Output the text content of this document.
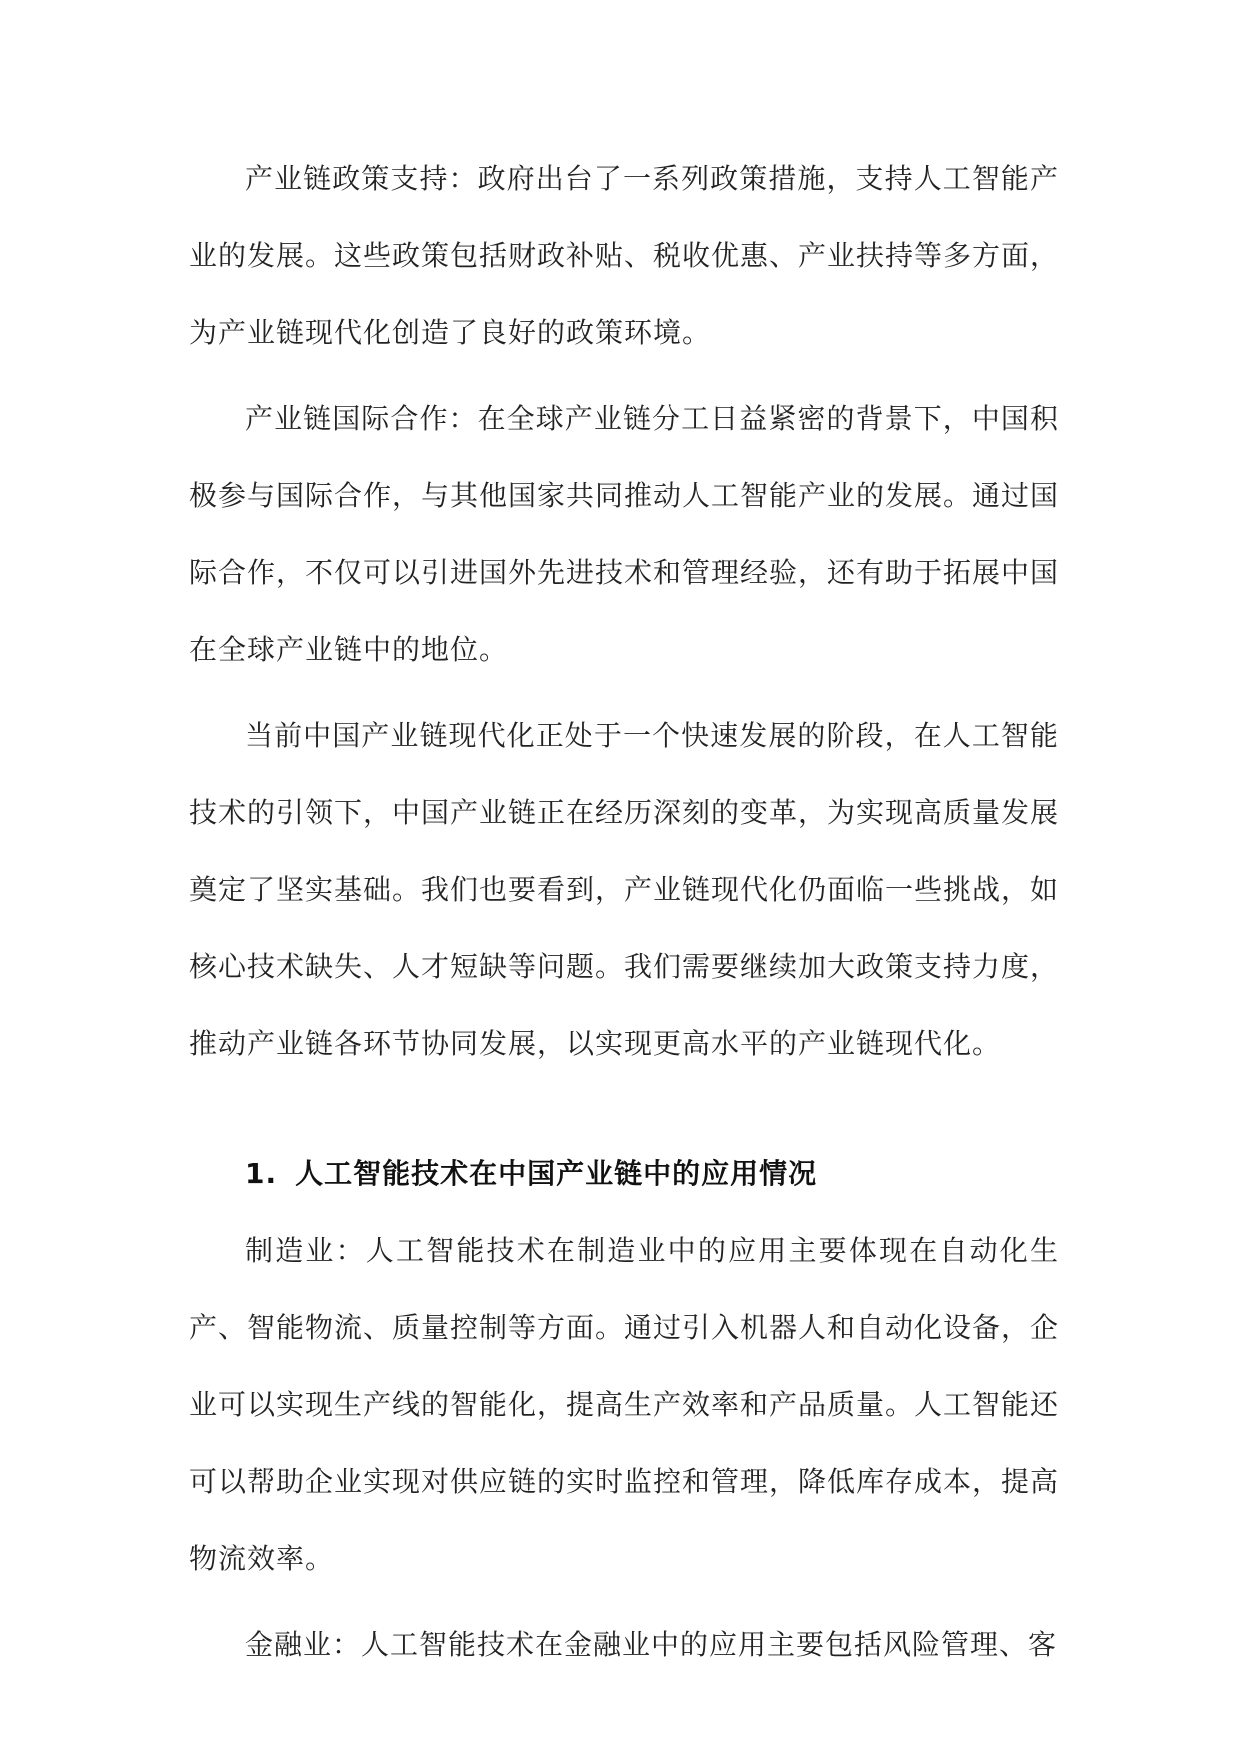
产业链政策支持：政府出台了一系列政策措施，支持人工智能产业的发展。这些政策包括财政补贴、税收优惠、产业扶持等多方面，为产业链现代化创造了良好的政策环境。

产业链国际合作：在全球产业链分工日益紧密的背景下，中国积极参与国际合作，与其他国家共同推动人工智能产业的发展。通过国际合作，不仅可以引进国外先进技术和管理经验，还有助于拓展中国在全球产业链中的地位。

当前中国产业链现代化正处于一个快速发展的阶段，在人工智能技术的引领下，中国产业链正在经历深刻的变革，为实现高质量发展奠定了坚实基础。我们也要看到，产业链现代化仍面临一些挑战，如核心技术缺失、人才短缺等问题。我们需要继续加大政策支持力度，推动产业链各环节协同发展，以实现更高水平的产业链现代化。

1. 人工智能技术在中国产业链中的应用情况

制造业：人工智能技术在制造业中的应用主要体现在自动化生产、智能物流、质量控制等方面。通过引入机器人和自动化设备，企业可以实现生产线的智能化，提高生产效率和产品质量。人工智能还可以帮助企业实现对供应链的实时监控和管理，降低库存成本，提高物流效率。

金融业：人工智能技术在金融业中的应用主要包括风险管理、客
